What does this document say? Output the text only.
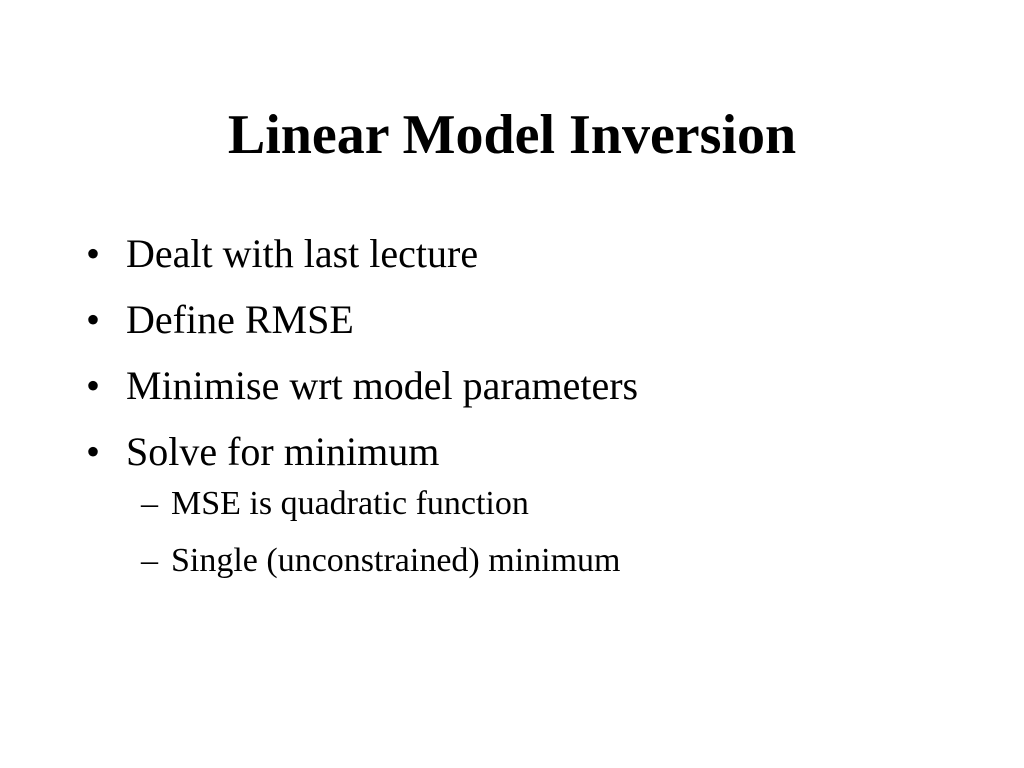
Linear Model Inversion
• Dealt with last lecture
• Define RMSE
• Minimise wrt model parameters
• Solve for minimum
– MSE is quadratic function
– Single (unconstrained) minimum
